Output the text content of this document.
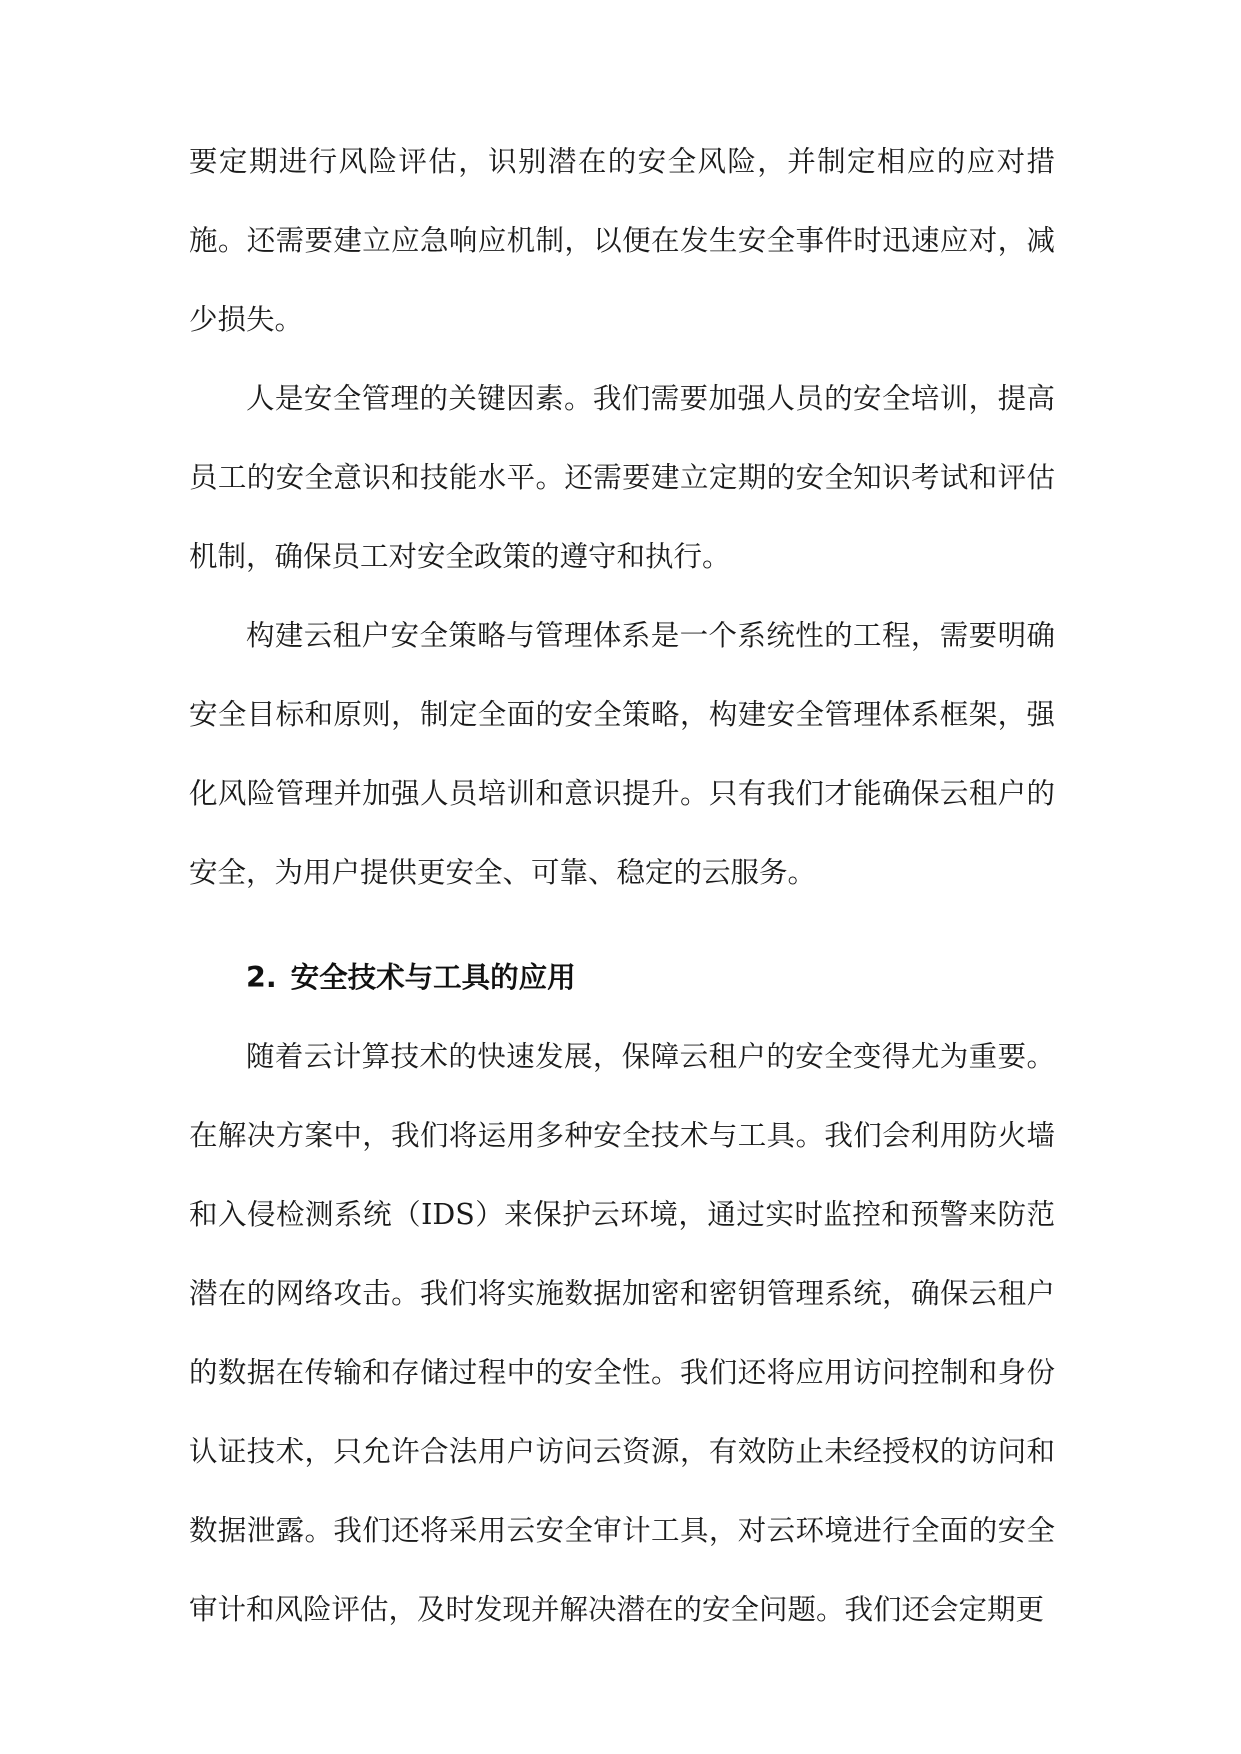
要定期进行风险评估，识别潜在的安全风险，并制定相应的应对措施。还需要建立应急响应机制，以便在发生安全事件时迅速应对，减少损失。

人是安全管理的关键因素。我们需要加强人员的安全培训，提高员工的安全意识和技能水平。还需要建立定期的安全知识考试和评估机制，确保员工对安全政策的遵守和执行。

构建云租户安全策略与管理体系是一个系统性的工程，需要明确安全目标和原则，制定全面的安全策略，构建安全管理体系框架，强化风险管理并加强人员培训和意识提升。只有我们才能确保云租户的安全，为用户提供更安全、可靠、稳定的云服务。

2. 安全技术与工具的应用

随着云计算技术的快速发展，保障云租户的安全变得尤为重要。在解决方案中，我们将运用多种安全技术与工具。我们会利用防火墙和入侵检测系统（IDS）来保护云环境，通过实时监控和预警来防范潜在的网络攻击。我们将实施数据加密和密钥管理系统，确保云租户的数据在传输和存储过程中的安全性。我们还将应用访问控制和身份认证技术，只允许合法用户访问云资源，有效防止未经授权的访问和数据泄露。我们还将采用云安全审计工具，对云环境进行全面的安全审计和风险评估，及时发现并解决潜在的安全问题。我们还会定期更
